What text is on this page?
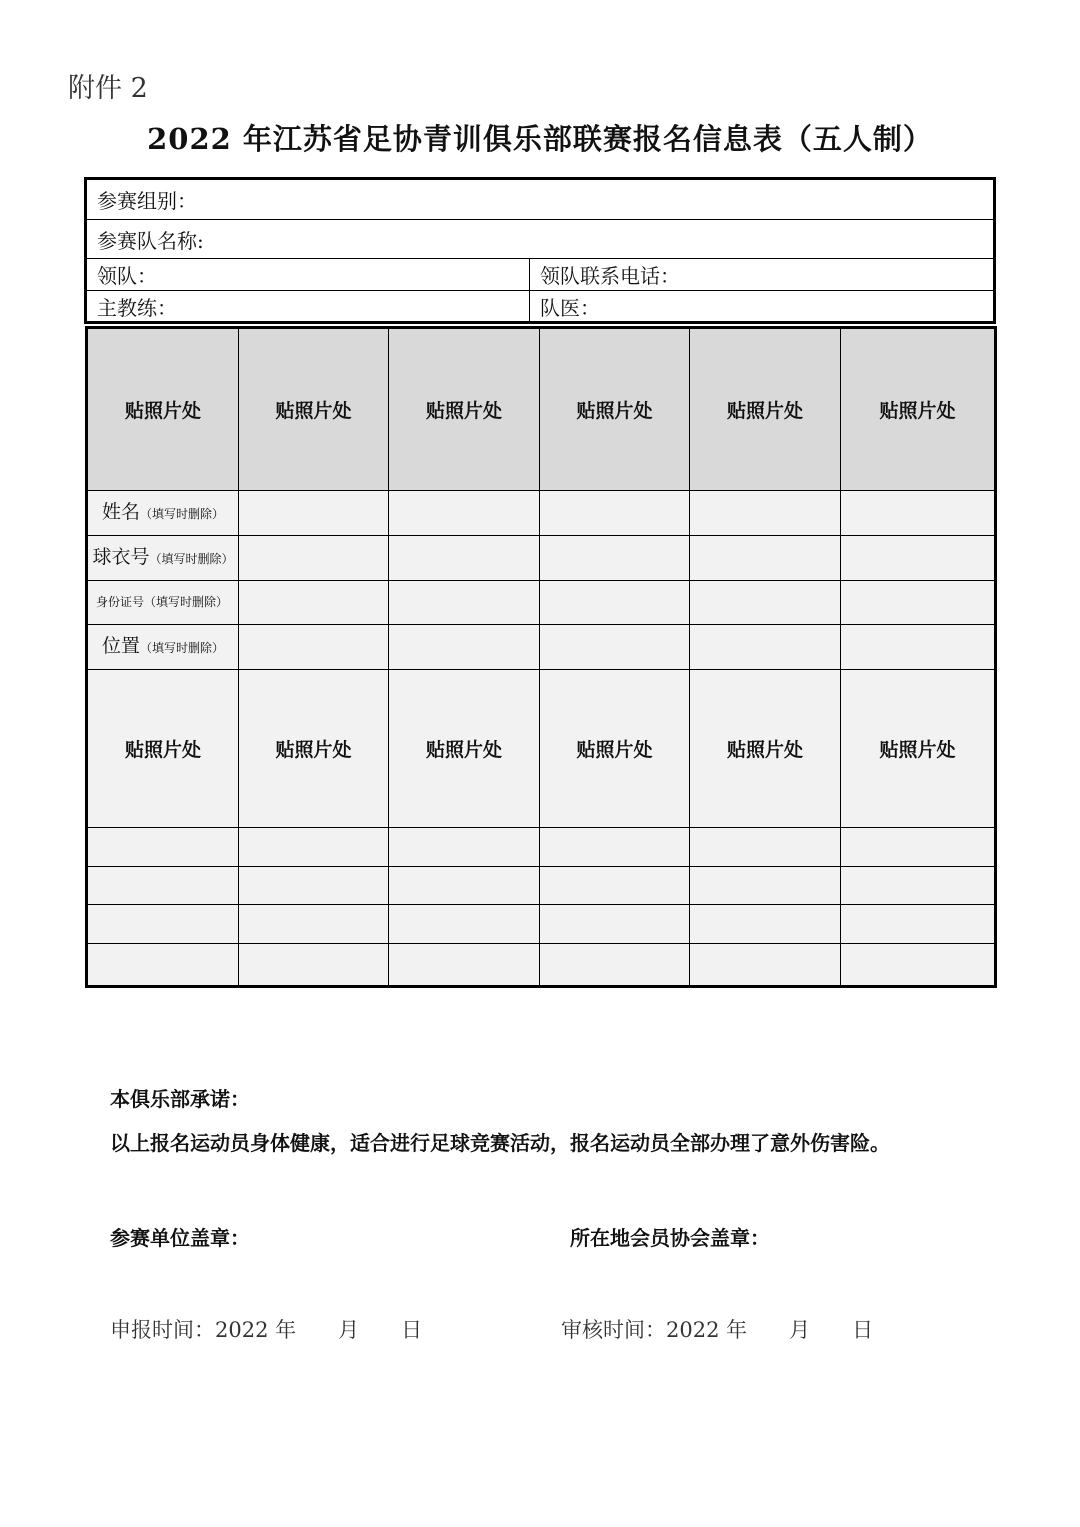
附件 2
2022 年江苏省足协青训俱乐部联赛报名信息表（五人制）
参赛组别：
参赛队名称:
领队：	领队联系电话：
主教练：	队医：
贴照片处	贴照片处	贴照片处	贴照片处	贴照片处	贴照片处
姓名（填写时删除）
球衣号（填写时删除）
身份证号（填写时删除）
位置（填写时删除）
贴照片处	贴照片处	贴照片处	贴照片处	贴照片处	贴照片处
本俱乐部承诺：
以上报名运动员身体健康，适合进行足球竞赛活动，报名运动员全部办理了意外伤害险。
参赛单位盖章：	所在地会员协会盖章：
申报时间：2022 年　　月　　日	审核时间：2022 年　　月　　日
